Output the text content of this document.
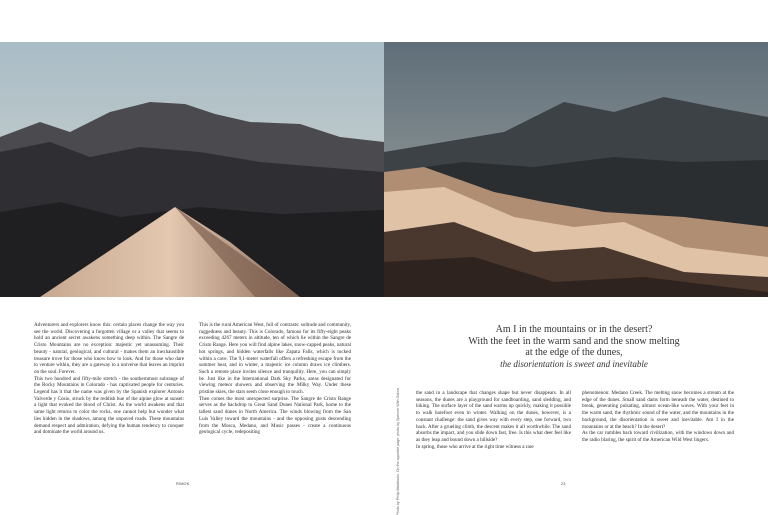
Adventurers and explorers know this: certain places change the way you see the world. Discovering a forgotten village or a valley that seems to hold an ancient secret awakens something deep within. The Sangre de Cristo Mountains are no exception: majestic yet unassuming. Their beauty - natural, geological, and cultural - makes them an inexhaustible treasure trove for those who know how to look. And for those who dare to venture within, they are a gateway to a universe that leaves an imprint on the soul. Forever.

This two hundred and fifty-mile stretch - the southernmost subrange of the Rocky Mountains in Colorado - has captivated people for centuries. Legend has it that the name was given by the Spanish explorer Antonio Valverde y Cosio, struck by the reddish hue of the alpine glow at sunset: a light that evoked the blood of Christ. As the world awakens and that same light returns to color the rocks, one cannot help but wonder what lies hidden in the shadows, among the unpaved roads. These mountains demand respect and admiration, defying the human tendency to conquer and dominate the world around us.

This is the rural American West, full of contrasts: solitude and community, ruggedness and beauty. This is Colorado, famous for its fifty-eight peaks exceeding 4267 meters in altitude, ten of which lie within the Sangre de Cristo Range. Here you will find alpine lakes, snow-capped peaks, natural hot springs, and hidden waterfalls like Zapata Falls, which is tucked within a cave. The 9,1-meter waterfall offers a refreshing escape from the summer heat, and in winter, a majestic ice column draws ice climbers. Such a remote place invites silence and tranquility. Here, you can simply be. Just like in the International Dark Sky Parks, areas designated for viewing meteor showers and observing the Milky Way. Under these pristine skies, the stars seem close enough to touch.

Then comes the most unexpected surprise. The Sangre de Cristo Range serves as the backdrop to Great Sand Dunes National Park, home to the tallest sand dunes in North America. The winds blowing from the San Luis Valley toward the mountains - and the opposing gusts descending from the Mosca, Medano, and Music passes - create a continuous geological cycle, redepositing	Photo by Philip Maddocks. On the opposite page, photo by Spencer With Galina
Am I in the mountains or in the desert?
With the feet in the warm sand and the snow melting
at the edge of the dunes,
the disorientation is sweet and inevitable

the sand in a landscape that changes shape but never disappears. In all seasons, the dunes are a playground for sandboarding, sand sledding, and hiking. The surface layer of the sand warms up quickly, making it possible to walk barefoot even in winter. Walking on the dunes, however, is a constant challenge: the sand gives way with every step, one forward, two back. After a grueling climb, the descent makes it all worthwhile. The sand absorbs the impact, and you slide down fast, free. Is this what deer feel like as they leap and bound down a hillside?

In spring, those who arrive at the right time witness a rare

phenomenon: Medano Creek. The melting snow becomes a stream at the edge of the dunes. Small sand dams form beneath the water, destined to break, generating pulsating, almost ocean-like waves. With your feet in the warm sand, the rhythmic sound of the water, and the mountains in the background, the disorientation is sweet and inevitable. Am I in the mountains or at the beach? In the desert?

As the car rumbles back toward civilization, with the windows down and the radio blaring, the spirit of the American Wild West lingers.

RIMOK	23
